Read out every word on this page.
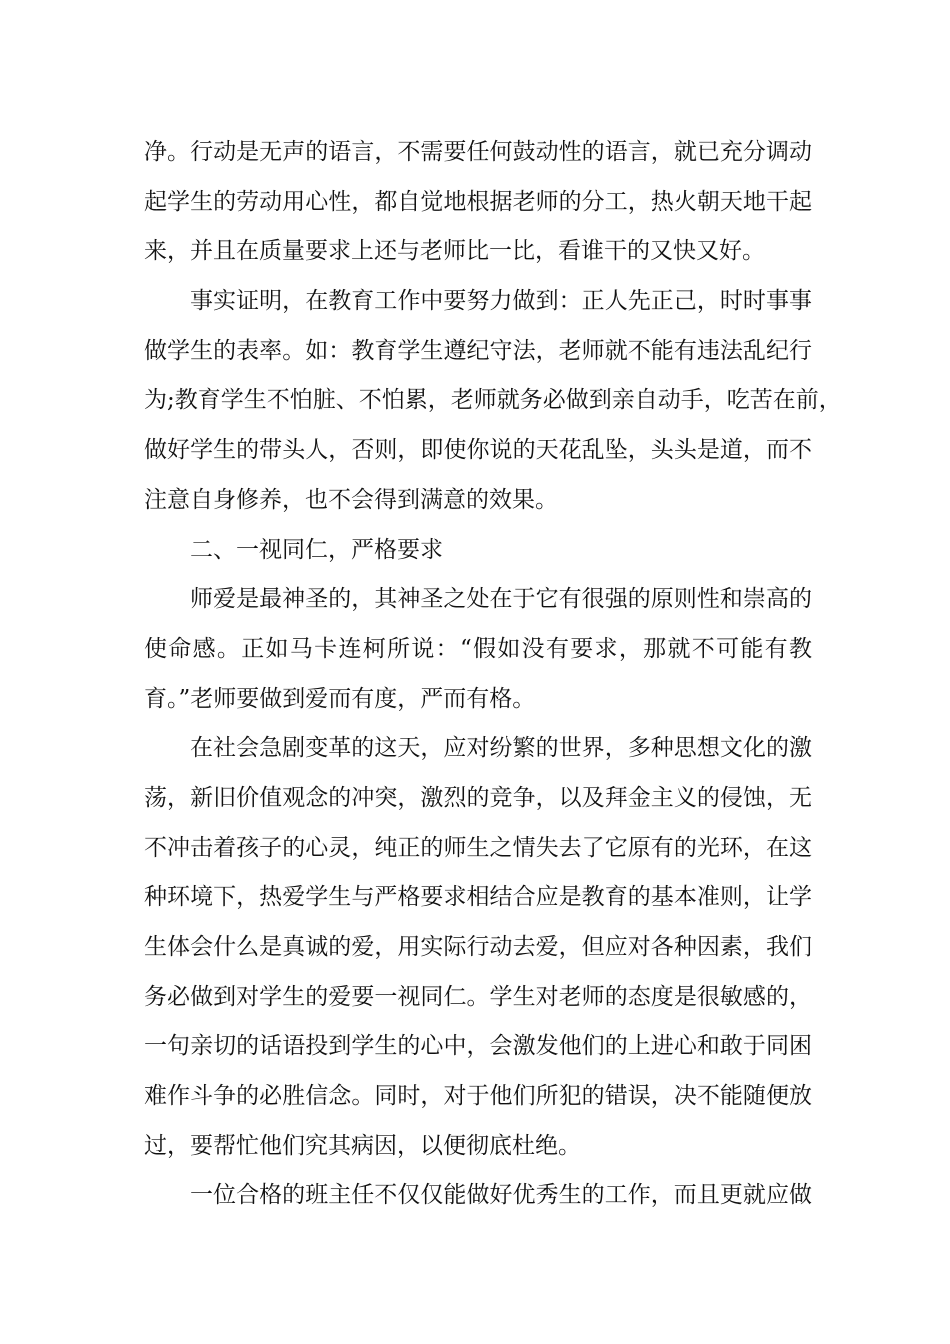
净。行动是无声的语言，不需要任何鼓动性的语言，就已充分调动
起学生的劳动用心性，都自觉地根据老师的分工，热火朝天地干起
来，并且在质量要求上还与老师比一比，看谁干的又快又好。
事实证明，在教育工作中要努力做到：正人先正己，时时事事
做学生的表率。如：教育学生遵纪守法，老师就不能有违法乱纪行
为;教育学生不怕脏、不怕累，老师就务必做到亲自动手，吃苦在前，
做好学生的带头人，否则，即使你说的天花乱坠，头头是道，而不
注意自身修养，也不会得到满意的效果。
二、一视同仁，严格要求
师爱是最神圣的，其神圣之处在于它有很强的原则性和崇高的
使命感。正如马卡连柯所说：“假如没有要求，那就不可能有教
育。”老师要做到爱而有度，严而有格。
在社会急剧变革的这天，应对纷繁的世界，多种思想文化的激
荡，新旧价值观念的冲突，激烈的竞争，以及拜金主义的侵蚀，无
不冲击着孩子的心灵，纯正的师生之情失去了它原有的光环，在这
种环境下，热爱学生与严格要求相结合应是教育的基本准则，让学
生体会什么是真诚的爱，用实际行动去爱，但应对各种因素，我们
务必做到对学生的爱要一视同仁。学生对老师的态度是很敏感的，
一句亲切的话语投到学生的心中，会激发他们的上进心和敢于同困
难作斗争的必胜信念。同时，对于他们所犯的错误，决不能随便放
过，要帮忙他们究其病因，以便彻底杜绝。
一位合格的班主任不仅仅能做好优秀生的工作，而且更就应做
